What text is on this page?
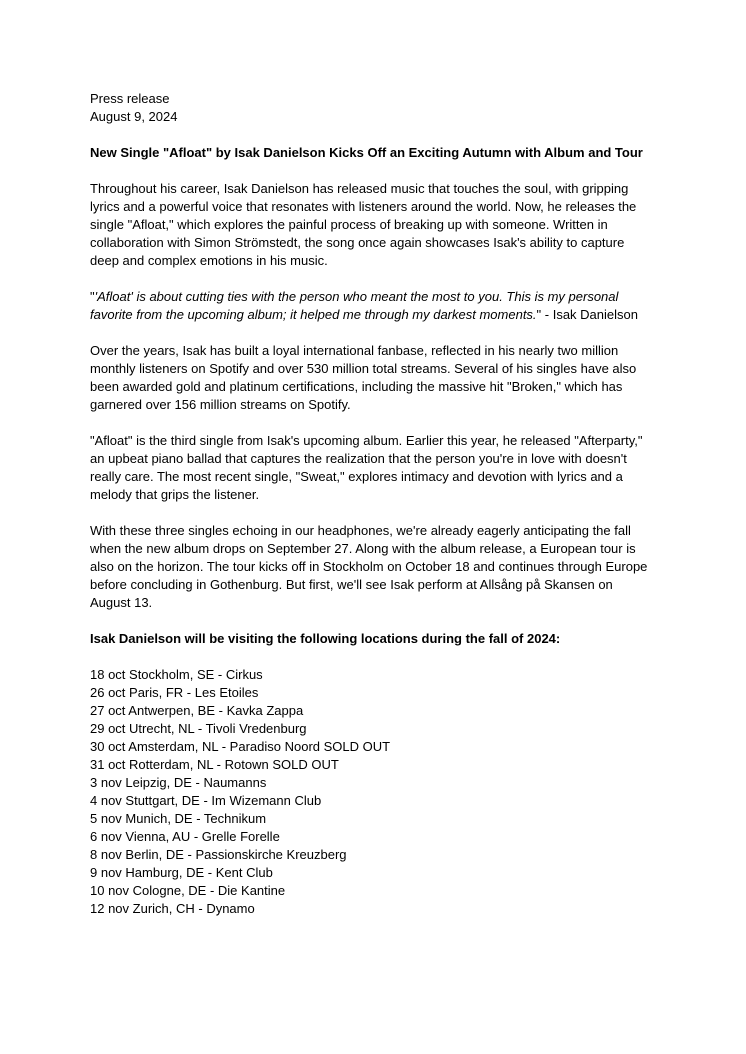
Press release
August 9, 2024
New Single "Afloat" by Isak Danielson Kicks Off an Exciting Autumn with Album and Tour

Throughout his career, Isak Danielson has released music that touches the soul, with gripping lyrics and a powerful voice that resonates with listeners around the world. Now, he releases the single "Afloat," which explores the painful process of breaking up with someone. Written in collaboration with Simon Strömstedt, the song once again showcases Isak's ability to capture deep and complex emotions in his music.

"'Afloat' is about cutting ties with the person who meant the most to you. This is my personal favorite from the upcoming album; it helped me through my darkest moments." - Isak Danielson

Over the years, Isak has built a loyal international fanbase, reflected in his nearly two million monthly listeners on Spotify and over 530 million total streams. Several of his singles have also been awarded gold and platinum certifications, including the massive hit "Broken," which has garnered over 156 million streams on Spotify.

"Afloat" is the third single from Isak's upcoming album. Earlier this year, he released "Afterparty," an upbeat piano ballad that captures the realization that the person you're in love with doesn't really care. The most recent single, "Sweat," explores intimacy and devotion with lyrics and a melody that grips the listener.

With these three singles echoing in our headphones, we're already eagerly anticipating the fall when the new album drops on September 27. Along with the album release, a European tour is also on the horizon. The tour kicks off in Stockholm on October 18 and continues through Europe before concluding in Gothenburg. But first, we'll see Isak perform at Allsång på Skansen on August 13.

Isak Danielson will be visiting the following locations during the fall of 2024:
18 oct Stockholm, SE - Cirkus
26 oct Paris, FR - Les Etoiles
27 oct Antwerpen, BE - Kavka Zappa
29 oct Utrecht, NL - Tivoli Vredenburg
30 oct Amsterdam, NL - Paradiso Noord SOLD OUT
31 oct Rotterdam, NL - Rotown SOLD OUT
3 nov Leipzig, DE - Naumanns
4 nov Stuttgart, DE - Im Wizemann Club
5 nov Munich, DE - Technikum
6 nov Vienna, AU - Grelle Forelle
8 nov Berlin, DE - Passionskirche Kreuzberg
9 nov Hamburg, DE - Kent Club
10 nov Cologne, DE - Die Kantine
12 nov Zurich, CH - Dynamo
